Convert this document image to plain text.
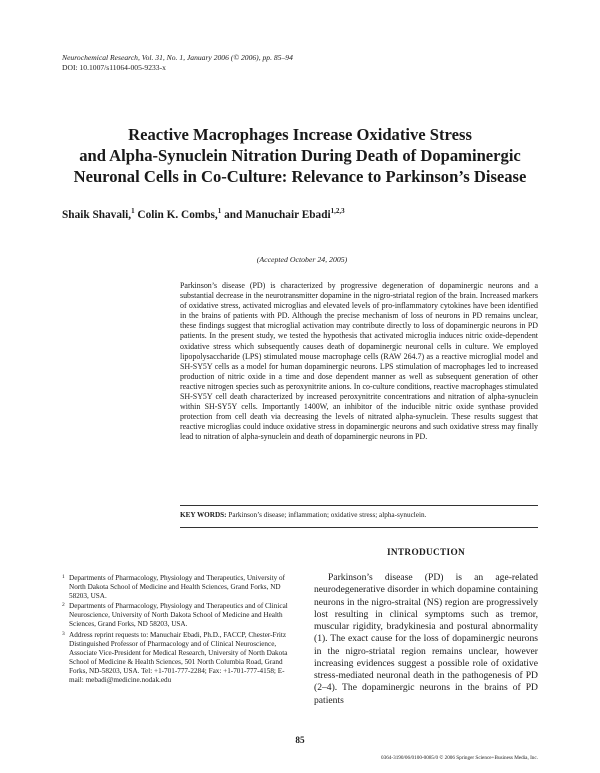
Neurochemical Research, Vol. 31, No. 1, January 2006 (© 2006), pp. 85–94
DOI: 10.1007/s11064-005-9233-x
Reactive Macrophages Increase Oxidative Stress
and Alpha-Synuclein Nitration During Death of Dopaminergic
Neuronal Cells in Co-Culture: Relevance to Parkinson’s Disease
Shaik Shavali,$^1$ Colin K. Combs,$^1$ and Manuchair Ebadi$^{1,2,3}$
(Accepted October 24, 2005)
Parkinson’s disease (PD) is characterized by progressive degeneration of dopaminergic neurons and a substantial decrease in the neurotransmitter dopamine in the nigro-striatal region of the brain. Increased markers of oxidative stress, activated microglias and elevated levels of pro-inflammatory cytokines have been identified in the brains of patients with PD. Although the precise mechanism of loss of neurons in PD remains unclear, these findings suggest that microglial activation may contribute directly to loss of dopaminergic neurons in PD patients. In the present study, we tested the hypothesis that activated microglia induces nitric oxide-dependent oxidative stress which subsequently causes death of dopaminergic neuronal cells in culture. We employed lipopolysaccharide (LPS) stimulated mouse macrophage cells (RAW 264.7) as a reactive microglial model and SH-SY5Y cells as a model for human dopaminergic neurons. LPS stimulation of macrophages led to increased production of nitric oxide in a time and dose dependent manner as well as subsequent generation of other reactive nitrogen species such as peroxynitrite anions. In co-culture conditions, reactive macrophages stimulated SH-SY5Y cell death characterized by increased peroxynitrite concentrations and nitration of alpha-synuclein within SH-SY5Y cells. Importantly 1400W, an inhibitor of the inducible nitric oxide synthase provided protection from cell death via decreasing the levels of nitrated alpha-synuclein. These results suggest that reactive microglias could induce oxidative stress in dopaminergic neurons and such oxidative stress may finally lead to nitration of alpha-synuclein and death of dopaminergic neurons in PD.
KEY WORDS: Parkinson’s disease; inflammation; oxidative stress; alpha-synuclein.
INTRODUCTION
Parkinson’s disease (PD) is an age-related neurodegenerative disorder in which dopamine containing neurons in the nigro-straital (NS) region are progressively lost resulting in clinical symptoms such as tremor, muscular rigidity, bradykinesia and postural abnormality (1). The exact cause for the loss of dopaminergic neurons in the nigro-striatal region remains unclear, however increasing evidences suggest a possible role of oxidative stress-mediated neuronal death in the pathogenesis of PD (2–4). The dopaminergic neurons in the brains of PD patients
1 Departments of Pharmacology, Physiology and Therapeutics, University of North Dakota School of Medicine and Health Sciences, Grand Forks, ND 58203, USA.
2 Departments of Pharmacology, Physiology and Therapeutics and of Clinical Neuroscience, University of North Dakota School of Medicine and Health Sciences, Grand Forks, ND 58203, USA.
3 Address reprint requests to: Manuchair Ebadi, Ph.D., FACCP, Chester-Fritz Distinguished Professor of Pharmacology and of Clinical Neuroscience, Associate Vice-President for Medical Research, University of North Dakota School of Medicine & Health Sciences, 501 North Columbia Road, Grand Forks, ND-58203, USA. Tel: +1-701-777-2284; Fax: +1-701-777-4158; E-mail: mebadi@medicine.nodak.edu
85
0364-3190/06/0100-0085/0 © 2006 Springer Science+Business Media, Inc.
